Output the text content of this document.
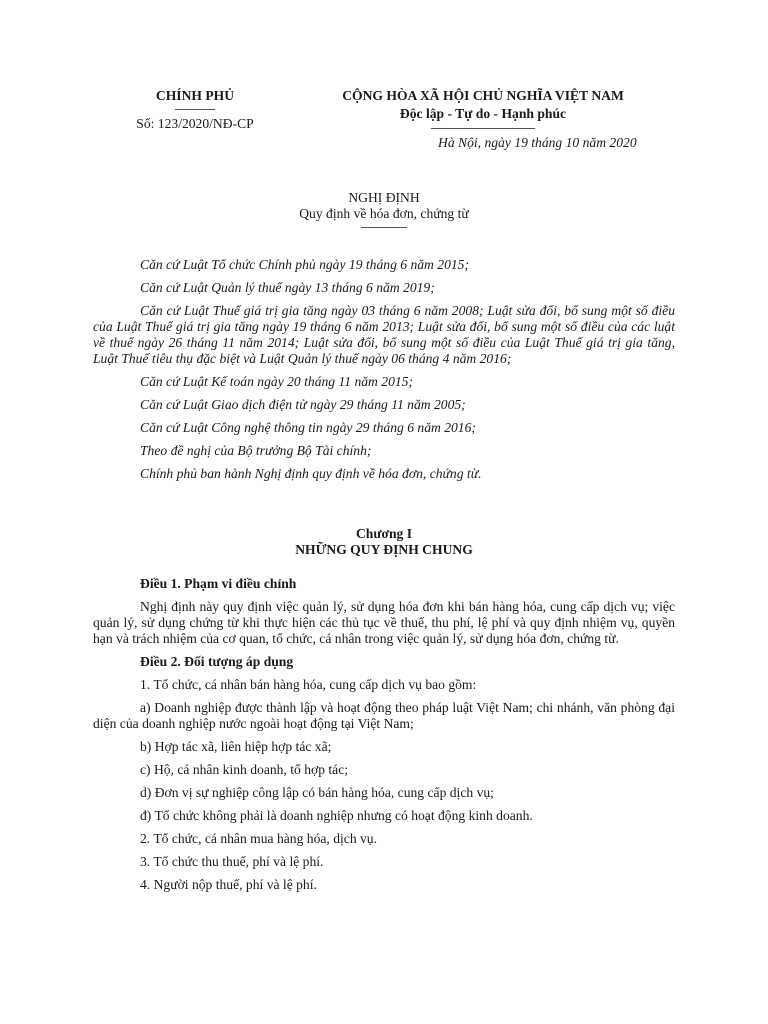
CHÍNH PHỦ
Số: 123/2020/NĐ-CP
CỘNG HÒA XÃ HỘI CHỦ NGHĨA VIỆT NAM
Độc lập - Tự do - Hạnh phúc
Hà Nội, ngày 19 tháng 10 năm 2020
NGHỊ ĐỊNH
Quy định về hóa đơn, chứng từ

Căn cứ Luật Tổ chức Chính phủ ngày 19 tháng 6 năm 2015;

Căn cứ Luật Quản lý thuế ngày 13 tháng 6 năm 2019;

Căn cứ Luật Thuế giá trị gia tăng ngày 03 tháng 6 năm 2008; Luật sửa đổi, bổ sung một số điều của Luật Thuế giá trị gia tăng ngày 19 tháng 6 năm 2013; Luật sửa đổi, bổ sung một số điều của các luật về thuế ngày 26 tháng 11 năm 2014; Luật sửa đổi, bổ sung một số điều của Luật Thuế giá trị gia tăng, Luật Thuế tiêu thụ đặc biệt và Luật Quản lý thuế ngày 06 tháng 4 năm 2016;

Căn cứ Luật Kế toán ngày 20 tháng 11 năm 2015;

Căn cứ Luật Giao dịch điện tử ngày 29 tháng 11 năm 2005;

Căn cứ Luật Công nghệ thông tin ngày 29 tháng 6 năm 2016;

Theo đề nghị của Bộ trưởng Bộ Tài chính;

Chính phủ ban hành Nghị định quy định về hóa đơn, chứng từ.

Chương I
NHỮNG QUY ĐỊNH CHUNG

Điều 1. Phạm vi điều chỉnh

Nghị định này quy định việc quản lý, sử dụng hóa đơn khi bán hàng hóa, cung cấp dịch vụ; việc quản lý, sử dụng chứng từ khi thực hiện các thủ tục về thuế, thu phí, lệ phí và quy định nhiệm vụ, quyền hạn và trách nhiệm của cơ quan, tổ chức, cá nhân trong việc quản lý, sử dụng hóa đơn, chứng từ.

Điều 2. Đối tượng áp dụng

1. Tổ chức, cá nhân bán hàng hóa, cung cấp dịch vụ bao gồm:

a) Doanh nghiệp được thành lập và hoạt động theo pháp luật Việt Nam; chi nhánh, văn phòng đại diện của doanh nghiệp nước ngoài hoạt động tại Việt Nam;

b) Hợp tác xã, liên hiệp hợp tác xã;

c) Hộ, cá nhân kinh doanh, tổ hợp tác;

d) Đơn vị sự nghiệp công lập có bán hàng hóa, cung cấp dịch vụ;

đ) Tổ chức không phải là doanh nghiệp nhưng có hoạt động kinh doanh.

2. Tổ chức, cá nhân mua hàng hóa, dịch vụ.

3. Tổ chức thu thuế, phí và lệ phí.

4. Người nộp thuế, phí và lệ phí.
